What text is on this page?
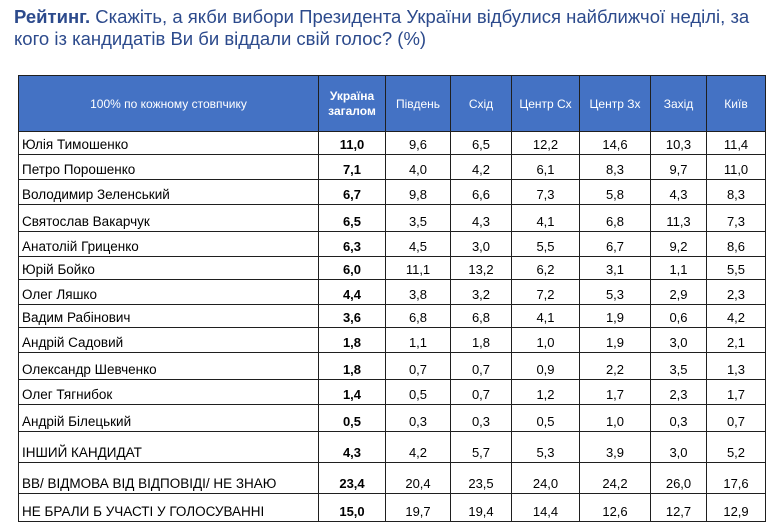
Рейтинг. Скажіть, а якби вибори Президента України відбулися найближчої неділі, за кого із кандидатів Ви би віддали свій голос? (%)
100% по кожному стовпчику	Україна загалом	Південь	Схід	Центр Сх	Центр Зх	Захід	Київ
Юлія Тимошенко	11,0	9,6	6,5	12,2	14,6	10,3	11,4
Петро Порошенко	7,1	4,0	4,2	6,1	8,3	9,7	11,0
Володимир Зеленський	6,7	9,8	6,6	7,3	5,8	4,3	8,3
Святослав Вакарчук	6,5	3,5	4,3	4,1	6,8	11,3	7,3
Анатолій Гриценко	6,3	4,5	3,0	5,5	6,7	9,2	8,6
Юрій Бойко	6,0	11,1	13,2	6,2	3,1	1,1	5,5
Олег Ляшко	4,4	3,8	3,2	7,2	5,3	2,9	2,3
Вадим Рабінович	3,6	6,8	6,8	4,1	1,9	0,6	4,2
Андрій Садовий	1,8	1,1	1,8	1,0	1,9	3,0	2,1
Олександр Шевченко	1,8	0,7	0,7	0,9	2,2	3,5	1,3
Олег Тягнибок	1,4	0,5	0,7	1,2	1,7	2,3	1,7
Андрій Білецький	0,5	0,3	0,3	0,5	1,0	0,3	0,7
ІНШИЙ КАНДИДАТ	4,3	4,2	5,7	5,3	3,9	3,0	5,2
ВВ/ ВІДМОВА ВІД ВІДПОВІДІ/ НЕ ЗНАЮ	23,4	20,4	23,5	24,0	24,2	26,0	17,6
НЕ БРАЛИ Б УЧАСТІ У ГОЛОСУВАННІ	15,0	19,7	19,4	14,4	12,6	12,7	12,9
